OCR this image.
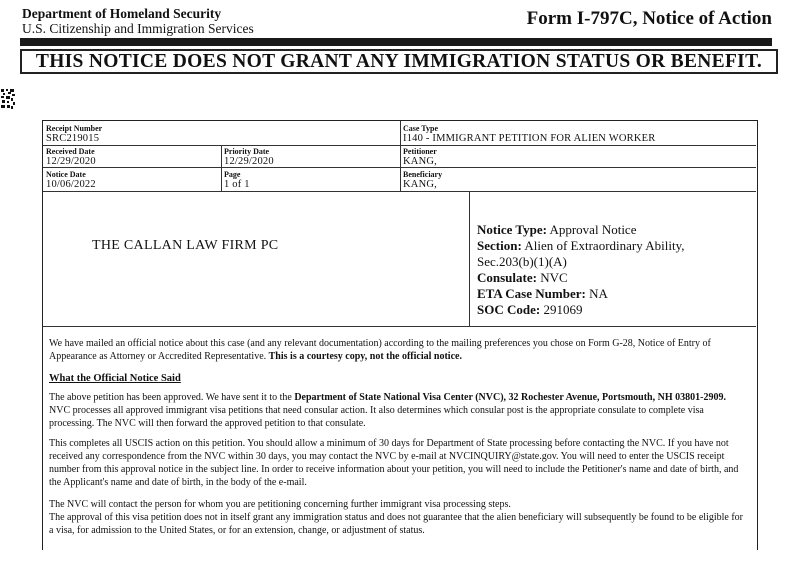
Department of Homeland Security
U.S. Citizenship and Immigration Services	Form I-797C, Notice of Action
THIS NOTICE DOES NOT GRANT ANY IMMIGRATION STATUS OR BENEFIT.
Receipt Number
SRC219015
Case Type
I140 - IMMIGRANT PETITION FOR ALIEN WORKER
Received Date
12/29/2020
Priority Date
12/29/2020
Petitioner
KANG,
Notice Date
10/06/2022
Page
1 of 1
Beneficiary
KANG,
THE CALLAN LAW FIRM PC
Notice Type: Approval Notice
Section: Alien of Extraordinary Ability,
Sec.203(b)(1)(A)
Consulate: NVC
ETA Case Number: NA
SOC Code: 291069
We have mailed an official notice about this case (and any relevant documentation) according to the mailing preferences you chose on Form G-28, Notice of Entry of Appearance as Attorney or Accredited Representative. This is a courtesy copy, not the official notice.
What the Official Notice Said
The above petition has been approved. We have sent it to the Department of State National Visa Center (NVC), 32 Rochester Avenue, Portsmouth, NH 03801-2909. NVC processes all approved immigrant visa petitions that need consular action. It also determines which consular post is the appropriate consulate to complete visa processing. The NVC will then forward the approved petition to that consulate.
This completes all USCIS action on this petition. You should allow a minimum of 30 days for Department of State processing before contacting the NVC. If you have not received any correspondence from the NVC within 30 days, you may contact the NVC by e-mail at NVCINQUIRY@state.gov. You will need to enter the USCIS receipt number from this approval notice in the subject line. In order to receive information about your petition, you will need to include the Petitioner's name and date of birth, and the Applicant's name and date of birth, in the body of the e-mail.
The NVC will contact the person for whom you are petitioning concerning further immigrant visa processing steps.
The approval of this visa petition does not in itself grant any immigration status and does not guarantee that the alien beneficiary will subsequently be found to be eligible for a visa, for admission to the United States, or for an extension, change, or adjustment of status.
